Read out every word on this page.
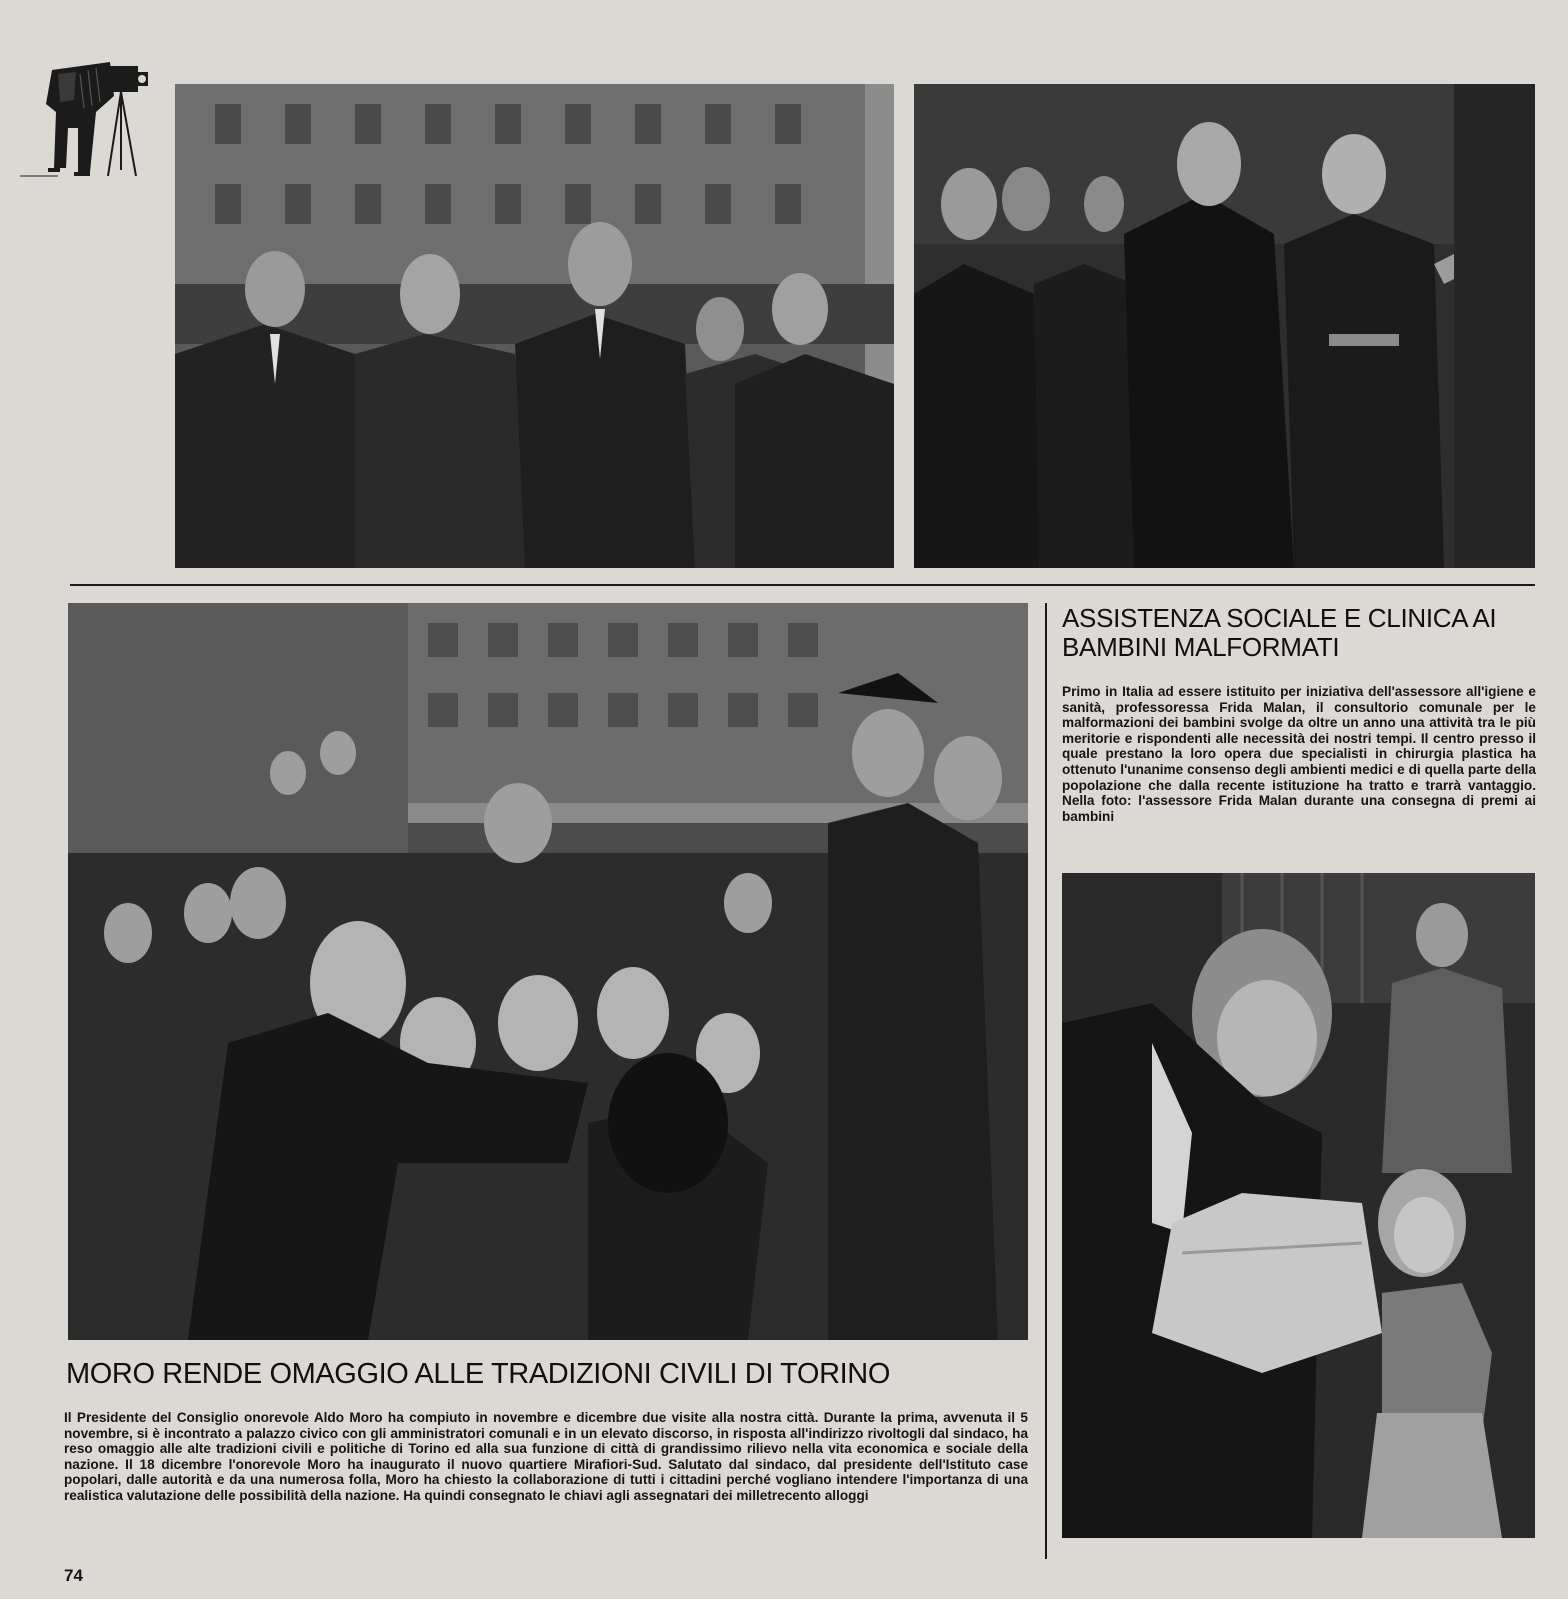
MORO RENDE OMAGGIO ALLE TRADIZIONI CIVILI DI TORINO

Il Presidente del Consiglio onorevole Aldo Moro ha compiuto in novembre e dicembre due visite alla nostra città. Durante la prima, avvenuta il 5 novembre, si è incontrato a palazzo civico con gli amministratori comunali e in un elevato discorso, in risposta all'indirizzo rivoltogli dal sindaco, ha reso omaggio alle alte tradizioni civili e politiche di Torino ed alla sua funzione di città di grandissimo rilievo nella vita economica e sociale della nazione. Il 18 dicembre l'onorevole Moro ha inaugurato il nuovo quartiere Mirafiori-Sud. Salutato dal sindaco, dal presidente dell'Istituto case popolari, dalle autorità e da una numerosa folla, Moro ha chiesto la collaborazione di tutti i cittadini perché vogliano intendere l'importanza di una realistica valutazione delle possibilità della nazione. Ha quindi consegnato le chiavi agli assegnatari dei milletrecento alloggi

ASSISTENZA SOCIALE E CLINICA AI BAMBINI MALFORMATI

Primo in Italia ad essere istituito per iniziativa dell'assessore all'igiene e sanità, professoressa Frida Malan, il consultorio comunale per le malformazioni dei bambini svolge da oltre un anno una attività tra le più meritorie e rispondenti alle necessità dei nostri tempi. Il centro presso il quale prestano la loro opera due specialisti in chirurgia plastica ha ottenuto l'unanime consenso degli ambienti medici e di quella parte della popolazione che dalla recente istituzione ha tratto e trarrà vantaggio. Nella foto: l'assessore Frida Malan durante una consegna di premi ai bambini

74
